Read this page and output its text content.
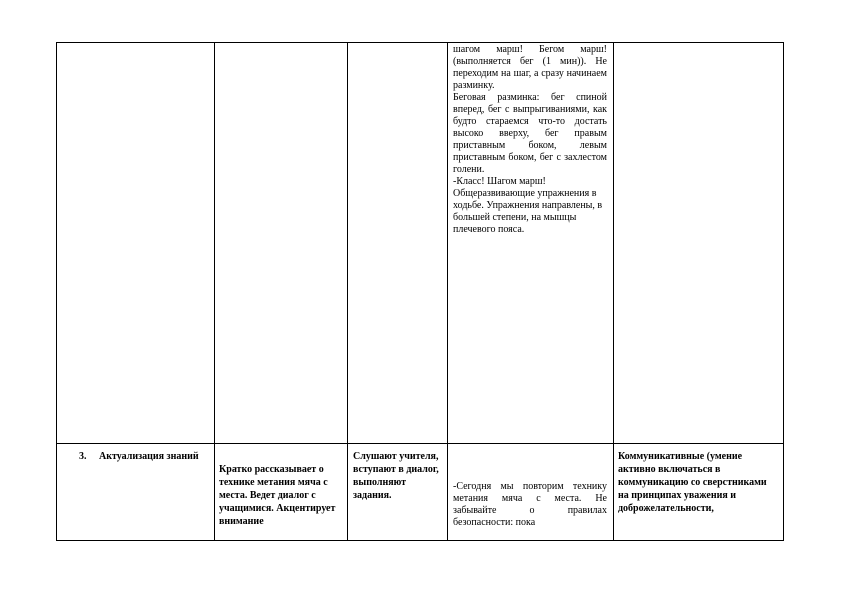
			шагом марш! Бегом марш! (выполняется бег (1 мин)). Не переходим на шаг, а сразу начинаем разминку.

Беговая разминка: бег спиной вперед, бег с выпрыгиваниями, как будто стараемся что-то достать высоко вверху, бег правым приставным боком, левым приставным боком, бег с захлестом голени.

-Класс! Шагом марш! Общеразвивающие упражнения в ходьбе. Упражнения направлены, в большей степени, на мышцы плечевого пояса.	

3. Актуализация знаний	Кратко рассказывает о технике метания мяча с места. Ведет диалог с учащимися. Акцентирует внимание	Слушают учителя, вступают в диалог, выполняют задания.	-Сегодня мы повторим технику метания мяча с места. Не забывайте о правилах безопасности: пока	Коммуникативные (умение активно включаться в коммуникацию со сверстниками на принципах уважения и доброжелательности,
